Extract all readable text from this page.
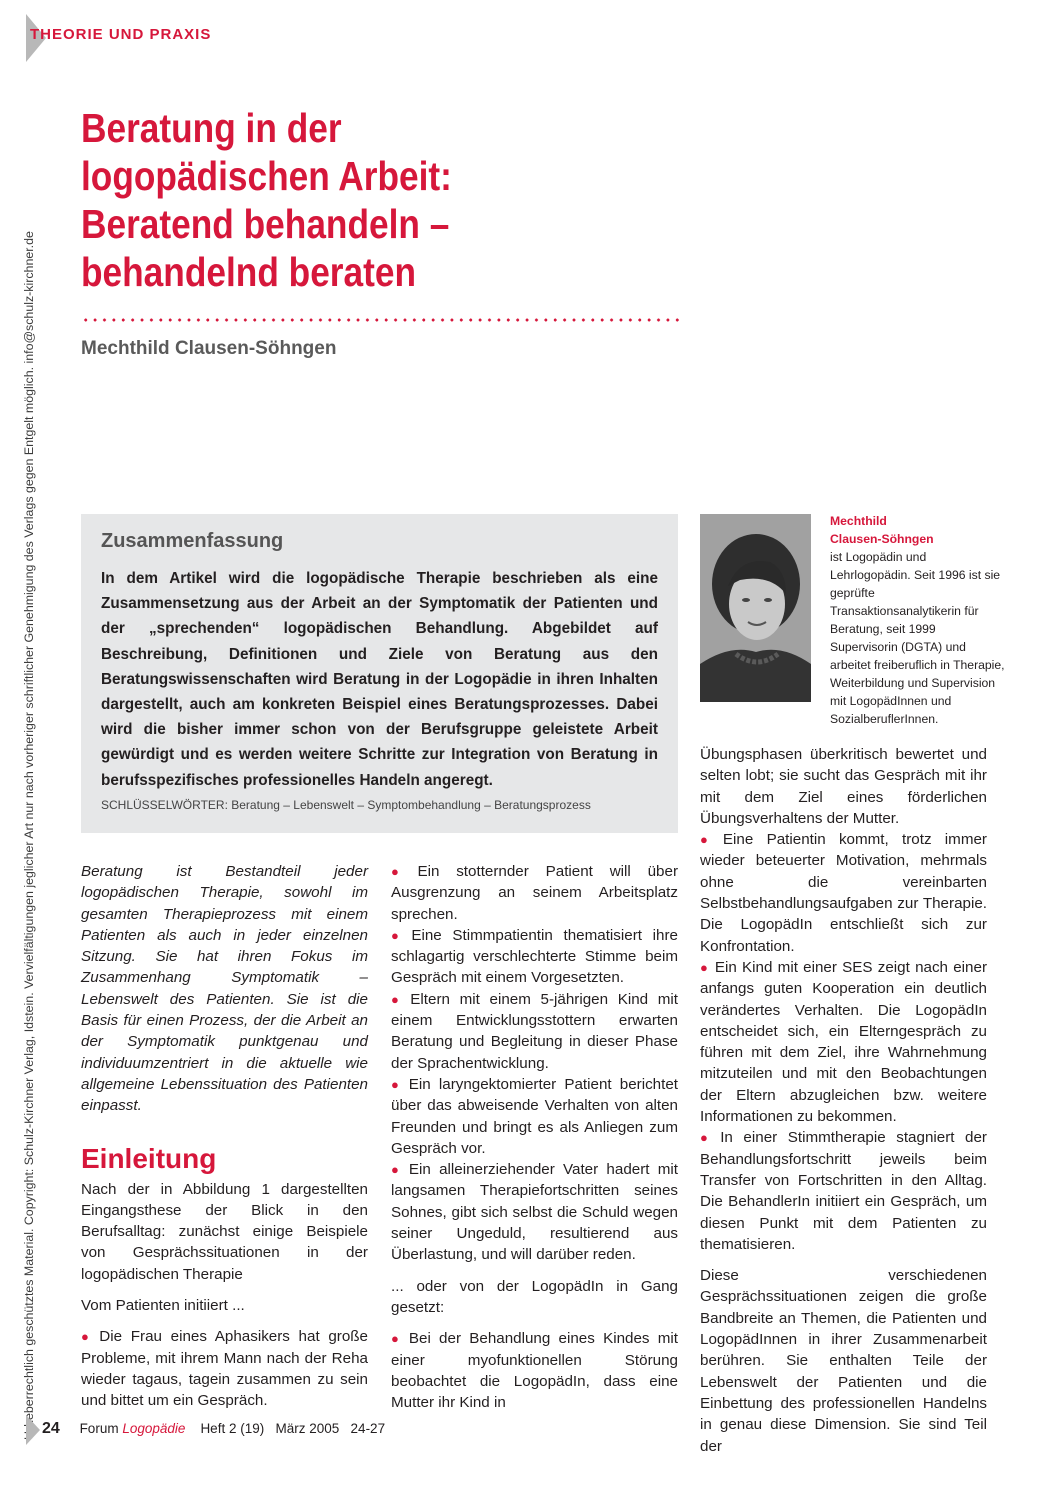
THEORIE UND PRAXIS
Urheberrechtlich geschütztes Material. Copyright: Schulz-Kirchner Verlag, Idstein. Vervielfältigungen jeglicher Art nur nach vorheriger schriftlicher Genehmigung des Verlags gegen Entgelt möglich. info@schulz-kirchner.de
Beratung in der
logopädischen Arbeit:
Beratend behandeln –
behandelnd beraten
Mechthild Clausen-Söhngen
Zusammenfassung

In dem Artikel wird die logopädische Therapie beschrieben als eine Zusammensetzung aus der Arbeit an der Symptomatik der Patienten und der „sprechenden“ logopädischen Behandlung. Abgebildet auf Beschreibung, Definitionen und Ziele von Beratung aus den Beratungswissenschaften wird Beratung in der Logopädie in ihren Inhalten dargestellt, auch am konkreten Beispiel eines Beratungsprozesses. Dabei wird die bisher immer schon von der Berufsgruppe geleistete Arbeit gewürdigt und es werden weitere Schritte zur Integration von Beratung in berufsspezifisches professionelles Handeln angeregt.

SCHLÜSSELWÖRTER: Beratung – Lebenswelt – Symptombehandlung – Beratungsprozess
Mechthild
Clausen-Söhngen
ist Logopädin und Lehrlogopädin. Seit 1996 ist sie geprüfte Transaktionsanalytikerin für Beratung, seit 1999 Supervisorin (DGTA) und arbeitet freiberuflich in Therapie, Weiterbildung und Supervision mit LogopädInnen und SozialberuflerInnen.

Beratung ist Bestandteil jeder logopädischen Therapie, sowohl im gesamten Therapieprozess mit einem Patienten als auch in jeder einzelnen Sitzung. Sie hat ihren Fokus im Zusammenhang Symptomatik – Lebenswelt des Patienten. Sie ist die Basis für einen Prozess, der die Arbeit an der Symptomatik punktgenau und individuumzentriert in die aktuelle wie allgemeine Lebenssituation des Patienten einpasst.

Einleitung

Nach der in Abbildung 1 dargestellten Eingangsthese der Blick in den Berufsalltag: zunächst einige Beispiele von Gesprächssituationen in der logopädischen Therapie

Vom Patienten initiiert ...

● Die Frau eines Aphasikers hat große Probleme, mit ihrem Mann nach der Reha wieder tagaus, tagein zusammen zu sein und bittet um ein Gespräch.

● Ein stotternder Patient will über Ausgrenzung an seinem Arbeitsplatz sprechen.

● Eine Stimmpatientin thematisiert ihre schlagartig verschlechterte Stimme beim Gespräch mit einem Vorgesetzten.

● Eltern mit einem 5-jährigen Kind mit einem Entwicklungsstottern erwarten Beratung und Begleitung in dieser Phase der Sprachentwicklung.

● Ein laryngektomierter Patient berichtet über das abweisende Verhalten von alten Freunden und bringt es als Anliegen zum Gespräch vor.

● Ein alleinerziehender Vater hadert mit langsamen Therapiefortschritten seines Sohnes, gibt sich selbst die Schuld wegen seiner Ungeduld, resultierend aus Überlastung, und will darüber reden.

... oder von der LogopädIn in Gang gesetzt:

● Bei der Behandlung eines Kindes mit einer myofunktionellen Störung beobachtet die LogopädIn, dass eine Mutter ihr Kind in

Übungsphasen überkritisch bewertet und selten lobt; sie sucht das Gespräch mit ihr mit dem Ziel eines förderlichen Übungsverhaltens der Mutter.

● Eine Patientin kommt, trotz immer wieder beteuerter Motivation, mehrmals ohne die vereinbarten Selbstbehandlungsaufgaben zur Therapie. Die LogopädIn entschließt sich zur Konfrontation.

● Ein Kind mit einer SES zeigt nach einer anfangs guten Kooperation ein deutlich verändertes Verhalten. Die LogopädIn entscheidet sich, ein Elterngespräch zu führen mit dem Ziel, ihre Wahrnehmung mitzuteilen und mit den Beobachtungen der Eltern abzugleichen bzw. weitere Informationen zu bekommen.

● In einer Stimmtherapie stagniert der Behandlungsfortschritt jeweils beim Transfer von Fortschritten in den Alltag. Die BehandlerIn initiiert ein Gespräch, um diesen Punkt mit dem Patienten zu thematisieren.

Diese verschiedenen Gesprächssituationen zeigen die große Bandbreite an Themen, die Patienten und LogopädInnen in ihrer Zusammenarbeit berühren. Sie enthalten Teile der Lebenswelt der Patienten und die Einbettung des professionellen Handelns in genau diese Dimension. Sie sind Teil der

24 Forum Logopädie Heft 2 (19) März 2005 24-27
